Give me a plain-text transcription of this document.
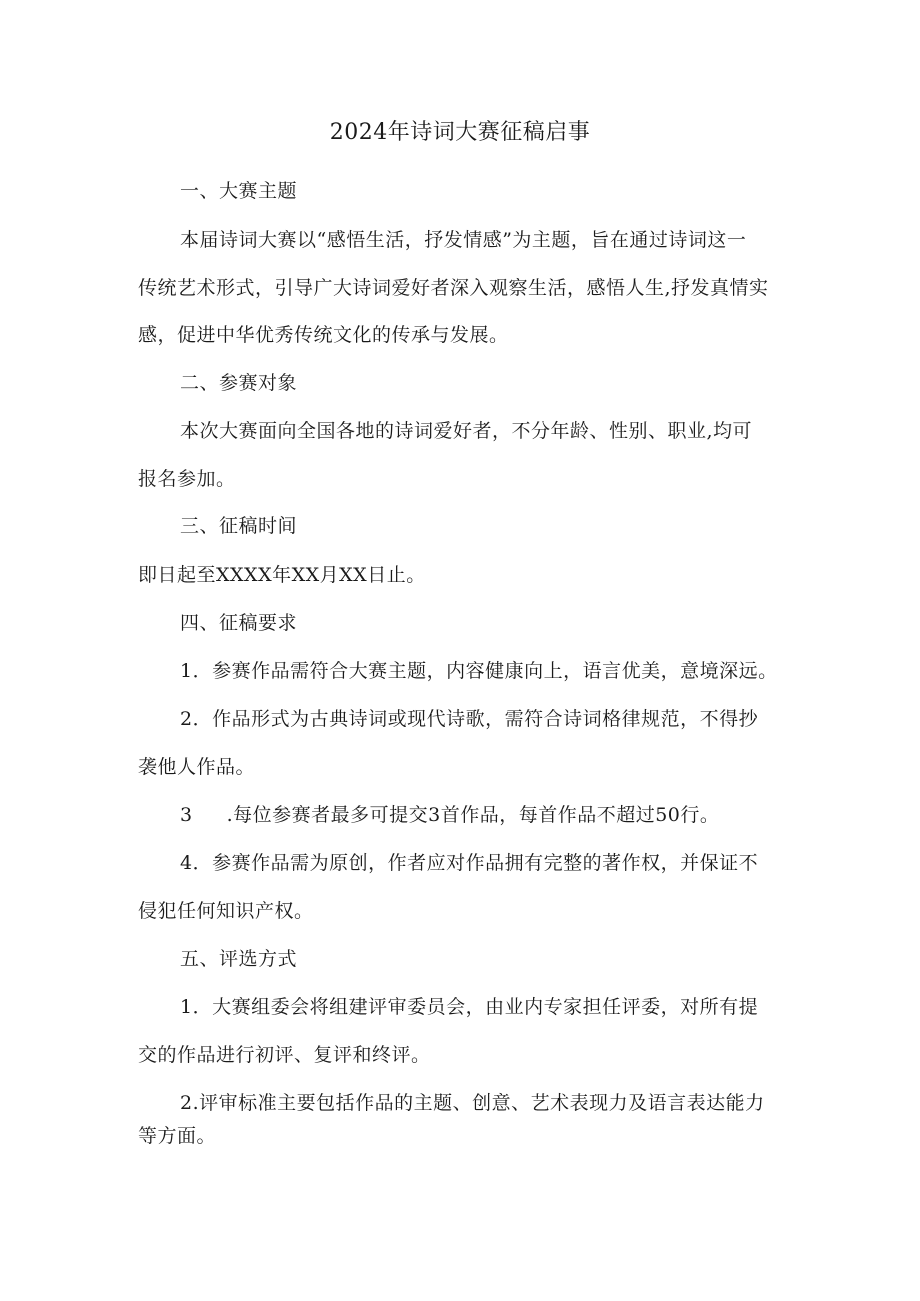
2024年诗词大赛征稿启事
一、大赛主题
本届诗词大赛以“感悟生活，抒发情感”为主题，旨在通过诗词这一
传统艺术形式，引导广大诗词爱好者深入观察生活，感悟人生,抒发真情实
感，促进中华优秀传统文化的传承与发展。
二、参赛对象
本次大赛面向全国各地的诗词爱好者，不分年龄、性别、职业,均可
报名参加。
三、征稿时间
即日起至XXXX年XX月XX日止。
四、征稿要求
1．参赛作品需符合大赛主题，内容健康向上，语言优美，意境深远。
2．作品形式为古典诗词或现代诗歌，需符合诗词格律规范，不得抄
袭他人作品。
3 .每位参赛者最多可提交3首作品，每首作品不超过50行。
4．参赛作品需为原创，作者应对作品拥有完整的著作权，并保证不
侵犯任何知识产权。
五、评选方式
1．大赛组委会将组建评审委员会，由业内专家担任评委，对所有提
交的作品进行初评、复评和终评。
2.评审标准主要包括作品的主题、创意、艺术表现力及语言表达能力
等方面。
